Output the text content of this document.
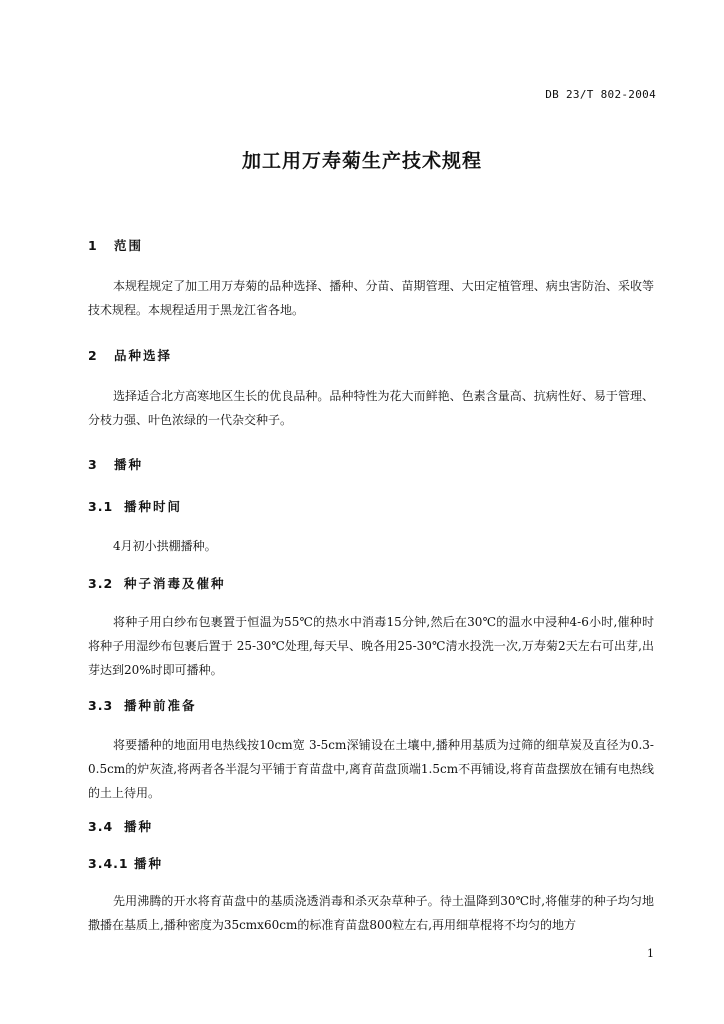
DB 23/T 802-2004
加工用万寿菊生产技术规程
1 范围
本规程规定了加工用万寿菊的品种选择、播种、分苗、苗期管理、大田定植管理、病虫害防治、采收等技术规程。本规程适用于黑龙江省各地。
2 品种选择
选择适合北方高寒地区生长的优良品种。品种特性为花大而鲜艳、色素含量高、抗病性好、易于管理、分枝力强、叶色浓绿的一代杂交种子。
3 播种
3.1 播种时间
4月初小拱棚播种。
3.2 种子消毒及催种
将种子用白纱布包裹置于恒温为55℃的热水中消毒15分钟,然后在30℃的温水中浸种4-6小时,催种时将种子用湿纱布包裹后置于 25-30℃处理,每天早、晚各用25-30℃清水投洗一次,万寿菊2天左右可出芽,出芽达到20%时即可播种。
3.3 播种前准备
将要播种的地面用电热线按10cm宽 3-5cm深铺设在土壤中,播种用基质为过筛的细草炭及直径为0.3-0.5cm的炉灰渣,将两者各半混匀平铺于育苗盘中,离育苗盘顶端1.5cm不再铺设,将育苗盘摆放在铺有电热线的土上待用。
3.4 播种
3.4.1 播种
先用沸腾的开水将育苗盘中的基质浇透消毒和杀灭杂草种子。待土温降到30℃时,将催芽的种子均匀地撒播在基质上,播种密度为35cmx60cm的标准育苗盘800粒左右,再用细草棍将不均匀的地方
1
